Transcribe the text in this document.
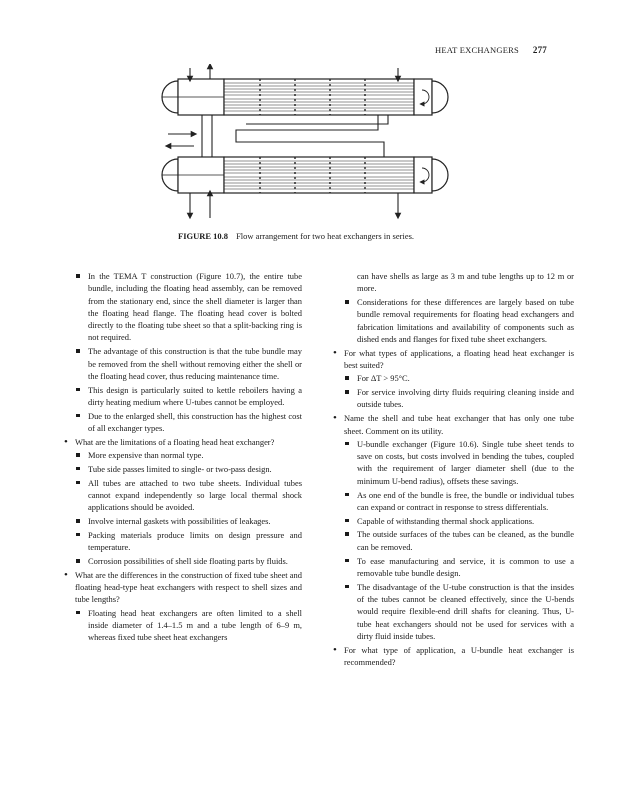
HEAT EXCHANGERS 277
FIGURE 10.8 Flow arrangement for two heat exchangers in series.
In the TEMA T construction (Figure 10.7), the entire tube bundle, including the floating head assembly, can be removed from the stationary end, since the shell diameter is larger than the floating head flange. The floating head cover is bolted directly to the floating tube sheet so that a split-backing ring is not required.
The advantage of this construction is that the tube bundle may be removed from the shell without removing either the shell or the floating head cover, thus reducing maintenance time.
This design is particularly suited to kettle reboilers having a dirty heating medium where U-tubes cannot be employed.
Due to the enlarged shell, this construction has the highest cost of all exchanger types.
• What are the limitations of a floating head heat exchanger?
More expensive than normal type.
Tube side passes limited to single- or two-pass design.
All tubes are attached to two tube sheets. Individual tubes cannot expand independently so large local thermal shock applications should be avoided.
Involve internal gaskets with possibilities of leakages.
Packing materials produce limits on design pressure and temperature.
Corrosion possibilities of shell side floating parts by fluids.
• What are the differences in the construction of fixed tube sheet and floating head-type heat exchangers with respect to shell sizes and tube lengths?
Floating head heat exchangers are often limited to a shell inside diameter of 1.4–1.5 m and a tube length of 6–9 m, whereas fixed tube sheet heat exchangers
can have shells as large as 3 m and tube lengths up to 12 m or more.
Considerations for these differences are largely based on tube bundle removal requirements for floating head exchangers and fabrication limitations and availability of components such as dished ends and flanges for fixed tube sheet exchangers.
• For what types of applications, a floating head heat exchanger is best suited?
For ΔT > 95°C.
For service involving dirty fluids requiring cleaning inside and outside tubes.
• Name the shell and tube heat exchanger that has only one tube sheet. Comment on its utility.
U-bundle exchanger (Figure 10.6). Single tube sheet tends to save on costs, but costs involved in bending the tubes, coupled with the requirement of larger diameter shell (due to the minimum U-bend radius), offsets these savings.
As one end of the bundle is free, the bundle or individual tubes can expand or contract in response to stress differentials.
Capable of withstanding thermal shock applications.
The outside surfaces of the tubes can be cleaned, as the bundle can be removed.
To ease manufacturing and service, it is common to use a removable tube bundle design.
The disadvantage of the U-tube construction is that the insides of the tubes cannot be cleaned effectively, since the U-bends would require flexible-end drill shafts for cleaning. Thus, U-tube heat exchangers should not be used for services with a dirty fluid inside tubes.
• For what type of application, a U-bundle heat exchanger is recommended?
